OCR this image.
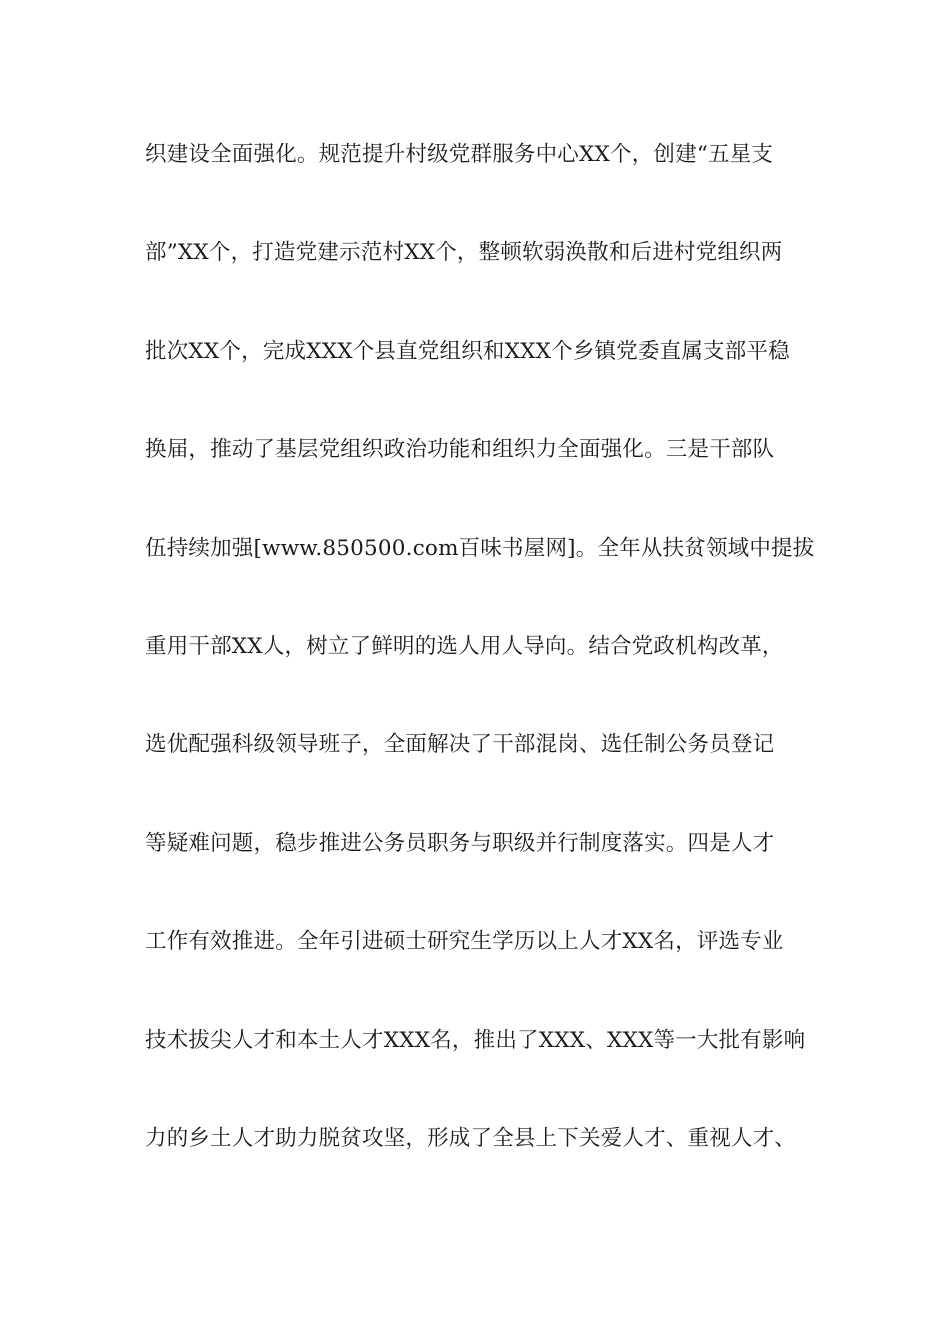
织建设全面强化。规范提升村级党群服务中心XX个，创建“五星支
部”XX个，打造党建示范村XX个，整顿软弱涣散和后进村党组织两
批次XX个，完成XXX个县直党组织和XXX个乡镇党委直属支部平稳
换届，推动了基层党组织政治功能和组织力全面强化。三是干部队
伍持续加强[www.850500.com百味书屋网]。全年从扶贫领域中提拔
重用干部XX人，树立了鲜明的选人用人导向。结合党政机构改革，
选优配强科级领导班子，全面解决了干部混岗、选任制公务员登记
等疑难问题，稳步推进公务员职务与职级并行制度落实。四是人才
工作有效推进。全年引进硕士研究生学历以上人才XX名，评选专业
技术拔尖人才和本土人才XXX名，推出了XXX、XXX等一大批有影响
力的乡土人才助力脱贫攻坚，形成了全县上下关爱人才、重视人才、
